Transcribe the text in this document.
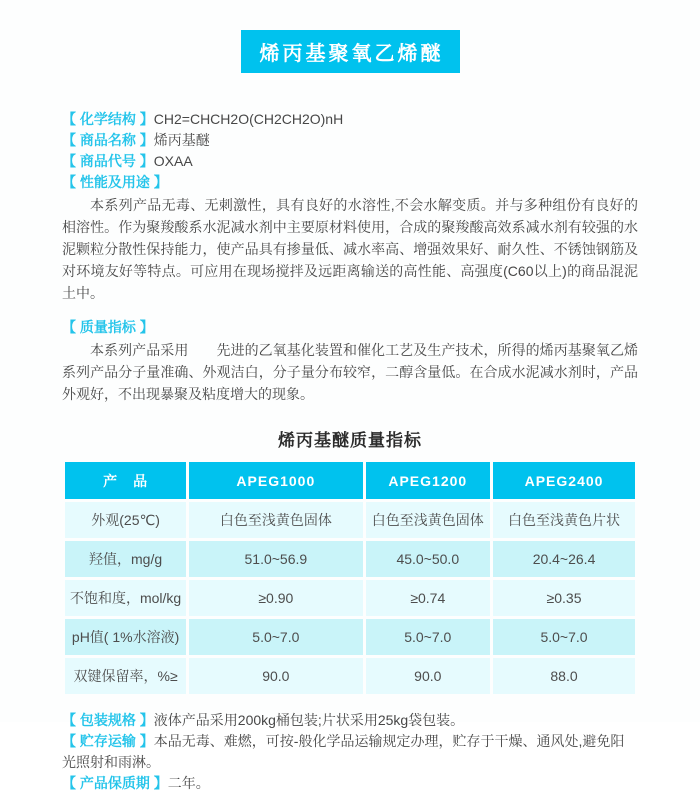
烯丙基聚氧乙烯醚
【 化学结构 】CH2=CHCH2O(CH2CH2O)nH
【 商品名称 】烯丙基醚
【 商品代号 】OXAA
【 性能及用途 】

本系列产品无毒、无刺激性，具有良好的水溶性,不会水解变质。并与多种组份有良好的相溶性。作为聚羧酸系水泥减水剂中主要原材料使用，合成的聚羧酸高效系减水剂有较强的水泥颗粒分散性保持能力，使产品具有掺量低、减水率高、增强效果好、耐久性、不锈蚀钢筋及对环境友好等特点。可应用在现场搅拌及远距离输送的高性能、高强度(C60以上)的商品混泥土中。

【 质量指标 】

本系列产品采用　　先进的乙氧基化装置和催化工艺及生产技术，所得的烯丙基聚氧乙烯系列产品分子量准确、外观洁白，分子量分布较窄，二醇含量低。在合成水泥减水剂时，产品外观好，不出现暴聚及粘度增大的现象。

烯丙基醚质量指标
产　品	APEG1000	APEG1200	APEG2400
外观(25℃)	白色至浅黄色固体	白色至浅黄色固体	白色至浅黄色片状
羟值，mg/g	51.0~56.9	45.0~50.0	20.4~26.4
不饱和度，mol/kg	≥0.90	≥0.74	≥0.35
pH值( 1%水溶液)	5.0~7.0	5.0~7.0	5.0~7.0
双键保留率，%≥	90.0	90.0	88.0
【 包装规格 】液体产品采用200kg桶包装;片状采用25kg袋包装。
【 贮存运输 】本品无毒、难燃，可按-般化学品运输规定办理，贮存于干燥、通风处,避免阳光照射和雨淋。
【 产品保质期 】二年。
